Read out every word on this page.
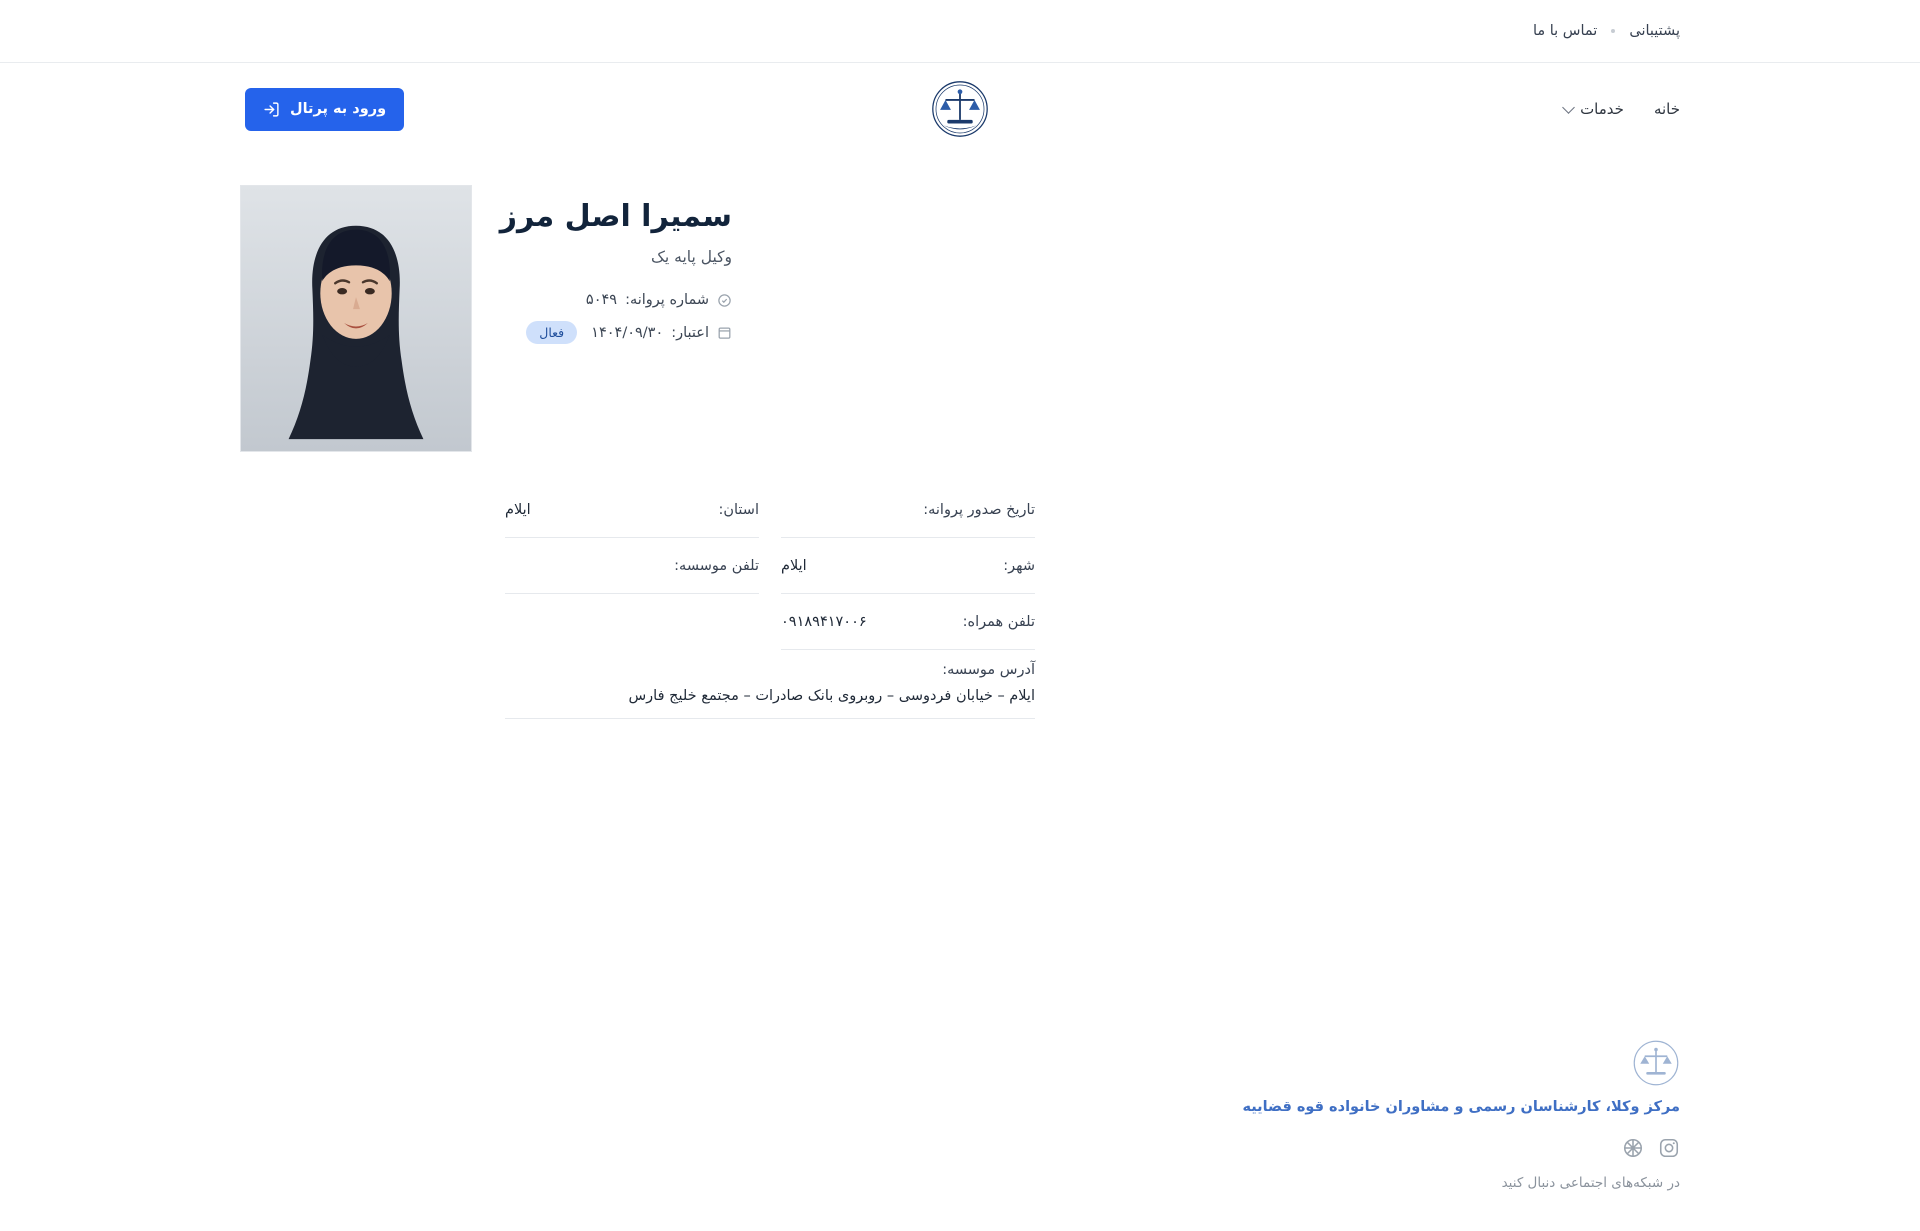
پشتیبانی
تماس با ما
خانه
خدمات
ورود به پرتال
سمیرا اصل مرز
وکیل پایه یک
شماره پروانه:
۵۰۴۹
اعتبار:
۱۴۰۴/۰۹/۳۰
فعال
تاریخ صدور پروانه:
استان:
ایلام
شهر:
ایلام
تلفن موسسه:
تلفن همراه:
۰۹۱۸۹۴۱۷۰۰۶
آدرس موسسه:
ایلام – خیابان فردوسی – روبروی بانک صادرات – مجتمع خلیج فارس
مرکز وکلا، کارشناسان رسمی و مشاوران خانواده قوه قضاییه
در شبکه‌های اجتماعی دنبال کنید
